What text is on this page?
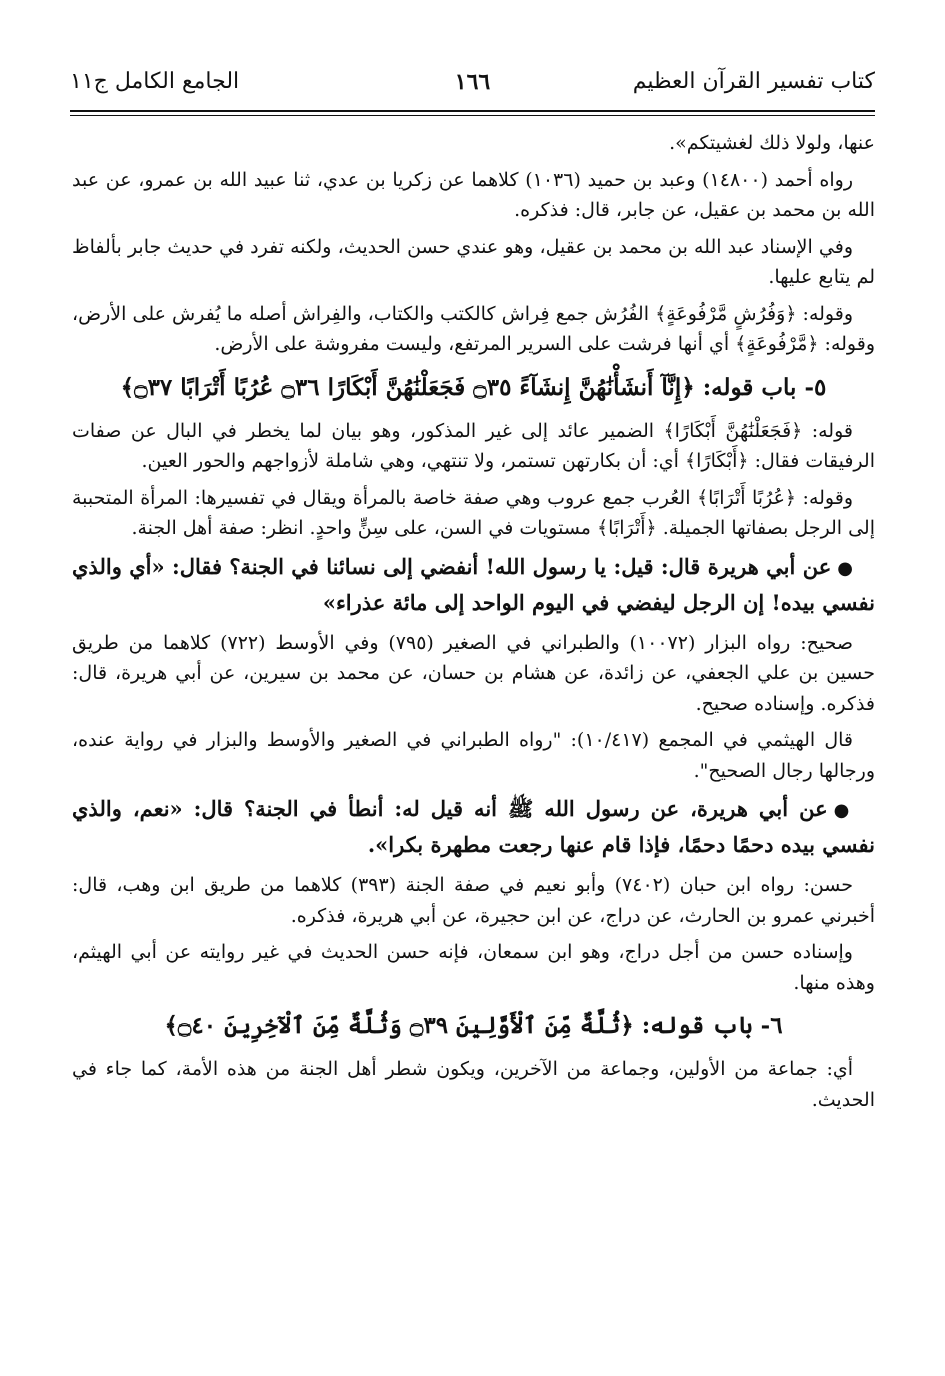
كتاب تفسير القرآن العظيم
١٦٦
الجامع الكامل ج١١

عنها، ولولا ذلك لغشيتكم».

رواه أحمد (١٤٨٠٠) وعبد بن حميد (١٠٣٦) كلاهما عن زكريا بن عدي، ثنا عبيد الله بن عمرو، عن عبد الله بن محمد بن عقيل، عن جابر، قال: فذكره.

وفي الإسناد عبد الله بن محمد بن عقيل، وهو عندي حسن الحديث، ولكنه تفرد في حديث جابر بألفاظ لم يتابع عليها.

وقوله: ﴿وَفُرُشٍ مَّرْفُوعَةٍ﴾ الفُرُش جمع فِراش كالكتب والكتاب، والفِراش أصله ما يُفرش على الأرض، وقوله: ﴿مَّرْفُوعَةٍ﴾ أي أنها فرشت على السرير المرتفع، وليست مفروشة على الأرض.

٥- باب قوله: ﴿إِنَّآ أَنشَأْنَٰهُنَّ إِنشَآءً ۝٣٥ فَجَعَلْنَٰهُنَّ أَبْكَارًا ۝٣٦ عُرُبًا أَتْرَابًا ۝٣٧﴾

قوله: ﴿فَجَعَلْنَٰهُنَّ أَبْكَارًا﴾ الضمير عائد إلى غير المذكور، وهو بيان لما يخطر في البال عن صفات الرفيقات فقال: ﴿أَبْكَارًا﴾ أي: أن بكارتهن تستمر، ولا تنتهي، وهي شاملة لأزواجهم والحور العين.

وقوله: ﴿عُرُبًا أَتْرَابًا﴾ العُرب جمع عروب وهي صفة خاصة بالمرأة ويقال في تفسيرها: المرأة المتحببة إلى الرجل بصفاتها الجميلة. ﴿أَتْرَابًا﴾ مستويات في السن، على سِنٍّ واحدٍ. انظر: صفة أهل الجنة.

●عن أبي هريرة قال: قيل: يا رسول الله! أنفضي إلى نسائنا في الجنة؟ فقال: «أي والذي نفسي بيده! إن الرجل ليفضي في اليوم الواحد إلى مائة عذراء»

صحيح: رواه البزار (١٠٠٧٢) والطبراني في الصغير (٧٩٥) وفي الأوسط (٧٢٢) كلاهما من طريق حسين بن علي الجعفي، عن زائدة، عن هشام بن حسان، عن محمد بن سيرين، عن أبي هريرة، قال: فذكره. وإسناده صحيح.

قال الهيثمي في المجمع (١٠/٤١٧): "رواه الطبراني في الصغير والأوسط والبزار في رواية عنده، ورجالها رجال الصحيح".

●عن أبي هريرة، عن رسول الله ﷺ أنه قيل له: أنطأ في الجنة؟ قال: «نعم، والذي نفسي بيده دحمًا دحمًا، فإذا قام عنها رجعت مطهرة بكرا».

حسن: رواه ابن حبان (٧٤٠٢) وأبو نعيم في صفة الجنة (٣٩٣) كلاهما من طريق ابن وهب، قال: أخبرني عمرو بن الحارث، عن دراج، عن ابن حجيرة، عن أبي هريرة، فذكره.

وإسناده حسن من أجل دراج، وهو ابن سمعان، فإنه حسن الحديث في غير روايته عن أبي الهيثم، وهذه منها.

٦- باب قوله: ﴿ثُلَّةٌ مِّنَ ٱلْأَوَّلِينَ ۝٣٩ وَثُلَّةٌ مِّنَ ٱلْآخِرِينَ ۝٤٠﴾

أي: جماعة من الأولين، وجماعة من الآخرين، ويكون شطر أهل الجنة من هذه الأمة، كما جاء في الحديث.
